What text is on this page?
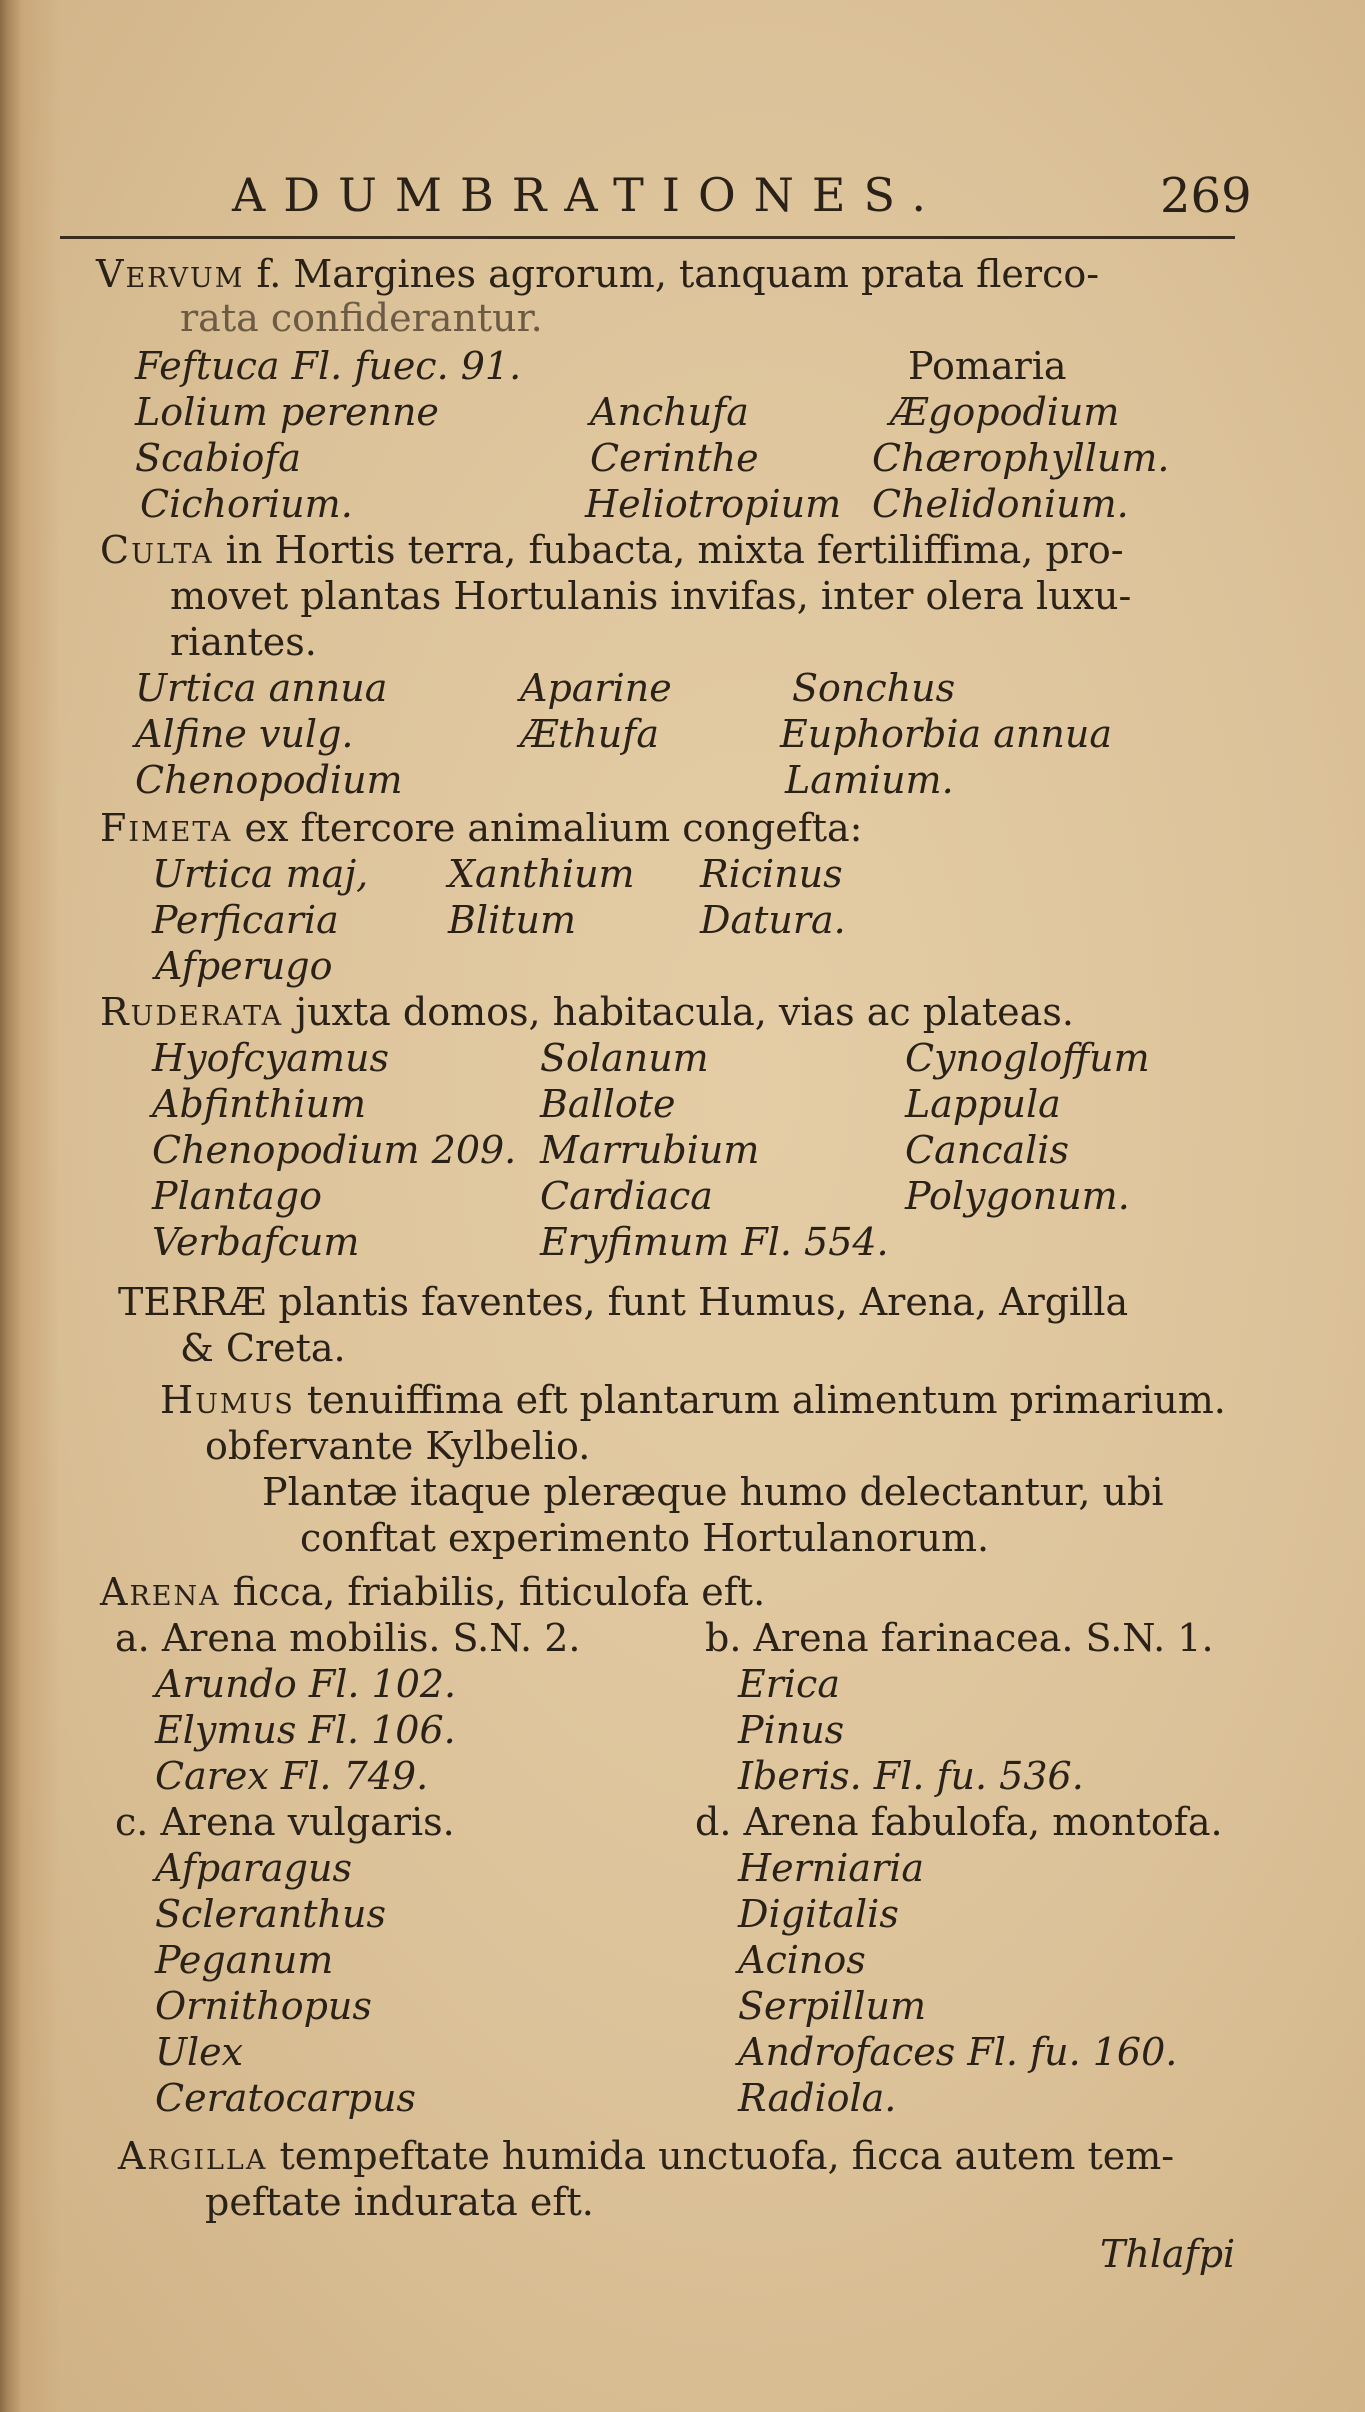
ADUMBRATIONES.	269
Vervum f. Margines agrorum, tanquam prata flerco-
rata confiderantur.
Feftuca Fl. fuec. 91.
Lolium perenne
Scabiofa
Cichorium.
Anchufa
Cerinthe
Heliotropium
Pomaria
Ægopodium
Chærophyllum.
Chelidonium.
Culta in Hortis terra, fubacta, mixta fertiliffima, pro-
movet plantas Hortulanis invifas, inter olera luxu-
riantes.
Urtica annua
Alfine vulg.
Chenopodium
Aparine
Æthufa
Sonchus
Euphorbia annua
Lamium.
Fimeta ex ftercore animalium congefta:
Urtica maj,
Perficaria
Afperugo
Xanthium
Blitum
Ricinus
Datura.
Ruderata juxta domos, habitacula, vias ac plateas.
Hyofcyamus
Abfinthium
Chenopodium 209.
Plantago
Verbafcum
Solanum
Ballote
Marrubium
Cardiaca
Eryfimum Fl. 554.
Cynogloffum
Lappula
Cancalis
Polygonum.
TERRÆ plantis faventes, funt Humus, Arena, Argilla
& Creta.
Humus tenuiffima eft plantarum alimentum primarium.
obfervante Kylbelio.
Plantæ itaque pleræque humo delectantur, ubi
conftat experimento Hortulanorum.
Arena ficca, friabilis, fiticulofa eft.
a. Arena mobilis. S.N. 2.
Arundo Fl. 102.
Elymus Fl. 106.
Carex Fl. 749.
b. Arena farinacea. S.N. 1.
Erica
Pinus
Iberis. Fl. fu. 536.
c. Arena vulgaris.
Afparagus
Scleranthus
Peganum
Ornithopus
Ulex
Ceratocarpus
d. Arena fabulofa, montofa.
Herniaria
Digitalis
Acinos
Serpillum
Androfaces Fl. fu. 160.
Radiola.
Argilla tempeftate humida unctuofa, ficca autem tem-
peftate indurata eft.
Thlafpi
